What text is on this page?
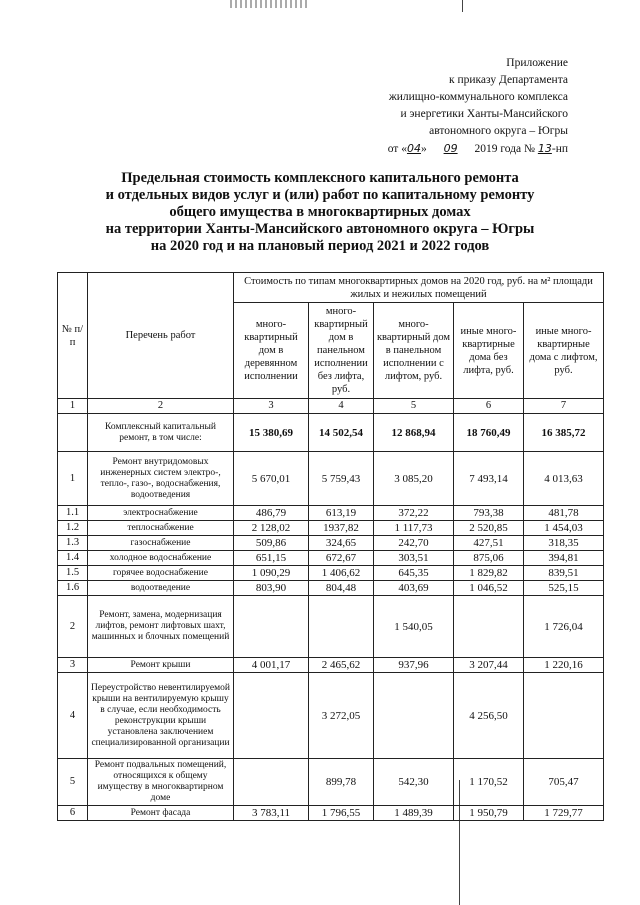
Приложение
к приказу Департамента
жилищно-коммунального комплекса
и энергетики Ханты-Мансийского
автономного округа – Югры
от «04» 09 2019 года № 13-нп
Предельная стоимость комплексного капитального ремонта
и отдельных видов услуг и (или) работ по капитальному ремонту
общего имущества в многоквартирных домах
на территории Ханты-Мансийского автономного округа – Югры
на 2020 год и на плановый период 2021 и 2022 годов
№ п/п	Перечень работ	Стоимость по типам многоквартирных домов на 2020 год, руб. на м² площади жилых и нежилых помещений				
		много-квартирный дом в деревянном исполнении	много-квартирный дом в панельном исполнении без лифта, руб.	много-квартирный дом в панельном исполнении с лифтом, руб.	иные много-квартирные дома без лифта, руб.	иные много-квартирные дома с лифтом, руб.
1	2	3	4	5	6	7
	Комплексный капитальный ремонт, в том числе:	15 380,69	14 502,54	12 868,94	18 760,49	16 385,72
1	Ремонт внутридомовых инженерных систем электро-, тепло-, газо-, водоснабжения, водоотведения	5 670,01	5 759,43	3 085,20	7 493,14	4 013,63
1.1	электроснабжение	486,79	613,19	372,22	793,38	481,78
1.2	теплоснабжение	2 128,02	1937,82	1 117,73	2 520,85	1 454,03
1.3	газоснабжение	509,86	324,65	242,70	427,51	318,35
1.4	холодное водоснабжение	651,15	672,67	303,51	875,06	394,81
1.5	горячее водоснабжение	1 090,29	1 406,62	645,35	1 829,82	839,51
1.6	водоотведение	803,90	804,48	403,69	1 046,52	525,15
2	Ремонт, замена, модернизация лифтов, ремонт лифтовых шахт, машинных и блочных помещений			1 540,05		1 726,04
3	Ремонт крыши	4 001,17	2 465,62	937,96	3 207,44	1 220,16
4	Переустройство невентилируемой крыши на вентилируемую крышу в случае, если необходимость реконструкции крыши установлена заключением специализированной организации		3 272,05		4 256,50	
5	Ремонт подвальных помещений, относящихся к общему имуществу в многоквартирном доме		899,78	542,30	1 170,52	705,47
6	Ремонт фасада	3 783,11	1 796,55	1 489,39	1 950,79	1 729,77
